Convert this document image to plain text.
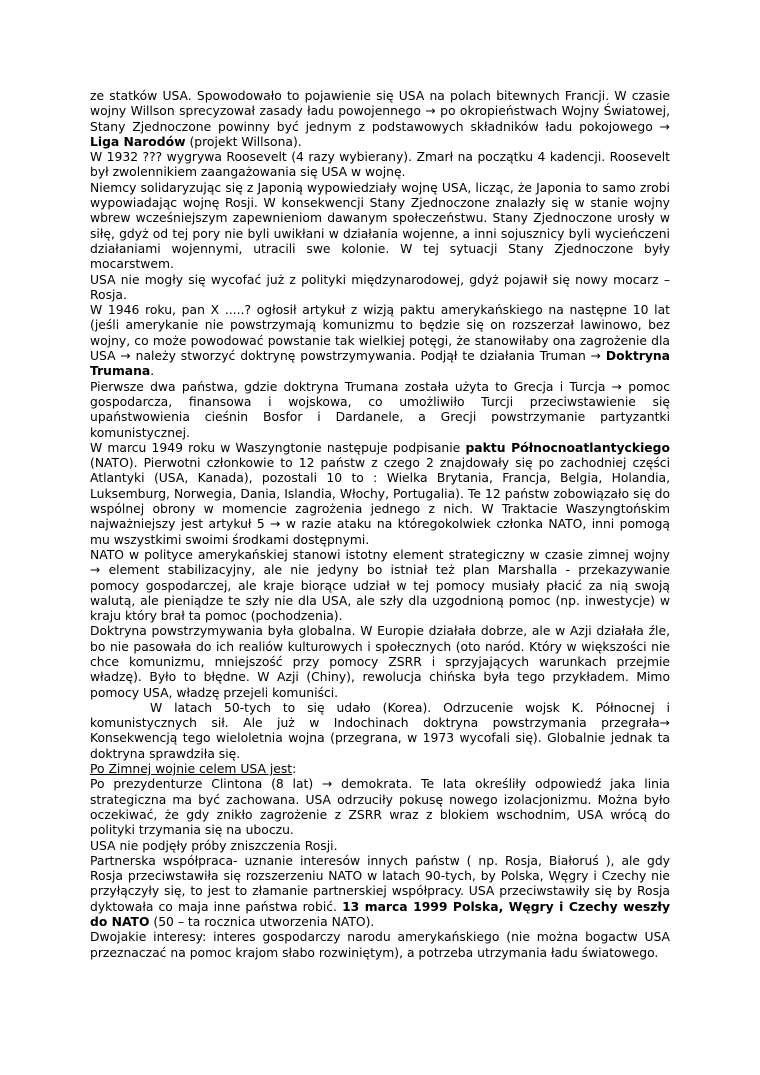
ze statków USA. Spowodowało to pojawienie się USA na polach bitewnych Francji. W czasie wojny Willson sprecyzował zasady ładu powojennego → po okropieństwach Wojny Światowej, Stany Zjednoczone powinny być jednym z podstawowych składników ładu pokojowego → Liga Narodów (projekt Willsona).

W 1932 ??? wygrywa Roosevelt (4 razy wybierany). Zmarł na początku 4 kadencji. Roosevelt był zwolennikiem zaangażowania się USA w wojnę.

Niemcy solidaryzując się z Japonią wypowiedziały wojnę USA, licząc, że Japonia to samo zrobi wypowiadając wojnę Rosji. W konsekwencji Stany Zjednoczone znalazły się w stanie wojny wbrew wcześniejszym zapewnieniom dawanym społeczeństwu. Stany Zjednoczone urosły w siłę, gdyż od tej pory nie byli uwikłani w działania wojenne, a inni sojusznicy byli wycieńczeni działaniami wojennymi, utracili swe kolonie. W tej sytuacji Stany Zjednoczone były mocarstwem.

USA nie mogły się wycofać już z polityki międzynarodowej, gdyż pojawił się nowy mocarz – Rosja.

W 1946 roku, pan X .....? ogłosił artykuł z wizją paktu amerykańskiego na następne 10 lat (jeśli amerykanie nie powstrzymają komunizmu to będzie się on rozszerzał lawinowo, bez wojny, co może powodować powstanie tak wielkiej potęgi, że stanowiłaby ona zagrożenie dla USA → należy stworzyć doktrynę powstrzymywania. Podjął te działania Truman → Doktryna Trumana.

Pierwsze dwa państwa, gdzie doktryna Trumana została użyta to Grecja i Turcja → pomoc gospodarcza, finansowa i wojskowa, co umożliwiło Turcji przeciwstawienie się upaństwowienia cieśnin Bosfor i Dardanele, a Grecji powstrzymanie partyzantki komunistycznej.

W marcu 1949 roku w Waszyngtonie następuje podpisanie paktu Północnoatlantyckiego (NATO). Pierwotni członkowie to 12 państw z czego 2 znajdowały się po zachodniej części Atlantyki (USA, Kanada), pozostali 10 to : Wielka Brytania, Francja, Belgia, Holandia, Luksemburg, Norwegia, Dania, Islandia, Włochy, Portugalia). Te 12 państw zobowiązało się do wspólnej obrony w momencie zagrożenia jednego z nich. W Traktacie Waszyngtońskim najważniejszy jest artykuł 5 → w razie ataku na któregokolwiek członka NATO, inni pomogą mu wszystkimi swoimi środkami dostępnymi.

NATO w polityce amerykańskiej stanowi istotny element strategiczny w czasie zimnej wojny → element stabilizacyjny, ale nie jedyny bo istniał też plan Marshalla - przekazywanie pomocy gospodarczej, ale kraje biorące udział w tej pomocy musiały płacić za nią swoją walutą, ale pieniądze te szły nie dla USA, ale szły dla uzgodnioną pomoc (np. inwestycje) w kraju który brał ta pomoc (pochodzenia).

Doktryna powstrzymywania była globalna. W Europie działała dobrze, ale w Azji działała źle, bo nie pasowała do ich realiów kulturowych i społecznych (oto naród. Który w większości nie chce komunizmu, mniejszość przy pomocy ZSRR i sprzyjających warunkach przejmie władzę). Było to błędne. W Azji (Chiny), rewolucja chińska była tego przykładem. Mimo pomocy USA, władzę przejeli komuniści.

W latach 50-tych to się udało (Korea). Odrzucenie wojsk K. Północnej i komunistycznych sił. Ale już w Indochinach doktryna powstrzymania przegrała→ Konsekwencją tego wieloletnia wojna (przegrana, w 1973 wycofali się). Globalnie jednak ta doktryna sprawdziła się.

Po Zimnej wojnie celem USA jest:

Po prezydenturze Clintona (8 lat) → demokrata. Te lata określiły odpowiedź jaka linia strategiczna ma być zachowana. USA odrzuciły pokusę nowego izolacjonizmu. Można było oczekiwać, że gdy znikło zagrożenie z ZSRR wraz z blokiem wschodnim, USA wrócą do polityki trzymania się na uboczu.

USA nie podjęły próby zniszczenia Rosji.

Partnerska współpraca- uznanie interesów innych państw ( np. Rosja, Białoruś ), ale gdy Rosja przeciwstawiła się rozszerzeniu NATO w latach 90-tych, by Polska, Węgry i Czechy nie przyłączyły się, to jest to złamanie partnerskiej współpracy. USA przeciwstawiły się by Rosja dyktowała co maja inne państwa robić. 13 marca 1999 Polska, Węgry i Czechy weszły do NATO (50 – ta rocznica utworzenia NATO).

Dwojakie interesy: interes gospodarczy narodu amerykańskiego (nie można bogactw USA przeznaczać na pomoc krajom słabo rozwiniętym), a potrzeba utrzymania ładu światowego.
